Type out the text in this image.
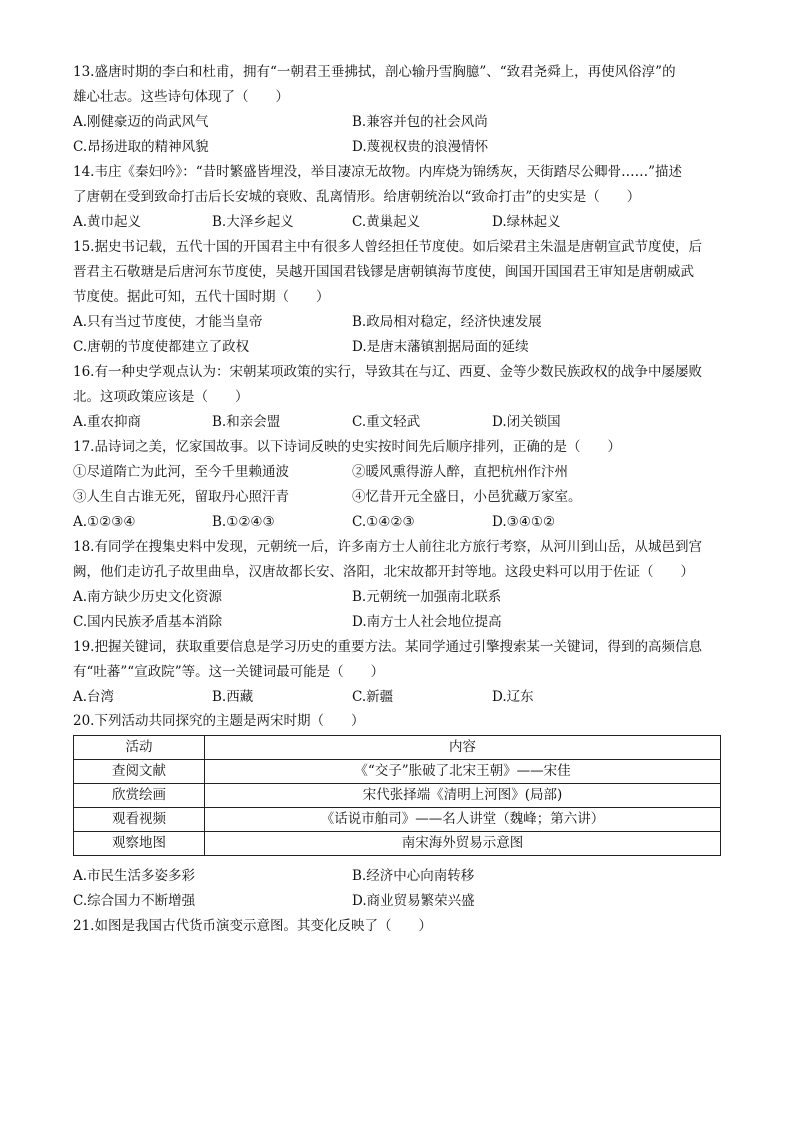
13.盛唐时期的李白和杜甫，拥有“一朝君王垂拂拭，剖心输丹雪胸臆”、“致君尧舜上，再使风俗淳”的
雄心壮志。这些诗句体现了（　　）
A.刚健豪迈的尚武风气	B.兼容并包的社会风尚
C.昂扬进取的精神风貌	D.蔑视权贵的浪漫情怀
14.韦庄《秦妇吟》：“昔时繁盛皆埋没，举目凄凉无故物。内库烧为锦绣灰，天街踏尽公卿骨……”描述
了唐朝在受到致命打击后长安城的衰败、乱离情形。给唐朝统治以“致命打击”的史实是（　　）
A.黄巾起义	B.大泽乡起义	C.黄巢起义	D.绿林起义
15.据史书记载，五代十国的开国君主中有很多人曾经担任节度使。如后梁君主朱温是唐朝宣武节度使，后
晋君主石敬瑭是后唐河东节度使，吴越开国国君钱镠是唐朝镇海节度使，闽国开国国君王审知是唐朝威武
节度使。据此可知，五代十国时期（　　）
A.只有当过节度使，才能当皇帝	B.政局相对稳定，经济快速发展
C.唐朝的节度使都建立了政权	D.是唐末藩镇割据局面的延续
16.有一种史学观点认为：宋朝某项政策的实行，导致其在与辽、西夏、金等少数民族政权的战争中屡屡败
北。这项政策应该是（　　）
A.重农抑商	B.和亲会盟	C.重文轻武	D.闭关锁国
17.品诗词之美，忆家国故事。以下诗词反映的史实按时间先后顺序排列，正确的是（　　）
①尽道隋亡为此河，至今千里赖通波	②暖风熏得游人醉，直把杭州作汴州
③人生自古谁无死，留取丹心照汗青	④忆昔开元全盛日，小邑犹藏万家室。
A.①②③④	B.①②④③	C.①④②③	D.③④①②
18.有同学在搜集史料中发现，元朝统一后，许多南方士人前往北方旅行考察，从河川到山岳，从城邑到宫
阙，他们走访孔子故里曲阜，汉唐故都长安、洛阳，北宋故都开封等地。这段史料可以用于佐证（　　）
A.南方缺少历史文化资源	B.元朝统一加强南北联系
C.国内民族矛盾基本消除	D.南方士人社会地位提高
19.把握关键词，获取重要信息是学习历史的重要方法。某同学通过引擎搜索某一关键词，得到的高频信息
有“吐蕃”“宣政院”等。这一关键词最可能是（　　）
A.台湾	B.西藏	C.新疆	D.辽东
20.下列活动共同探究的主题是两宋时期（　　）
活动	内容
查阅文献	《“交子”胀破了北宋王朝》——宋佳
欣赏绘画	宋代张择端《清明上河图》(局部)
观看视频	《话说市舶司》——名人讲堂（魏峰；第六讲）
观察地图	南宋海外贸易示意图
A.市民生活多姿多彩	B.经济中心向南转移
C.综合国力不断增强	D.商业贸易繁荣兴盛
21.如图是我国古代货币演变示意图。其变化反映了（　　）
